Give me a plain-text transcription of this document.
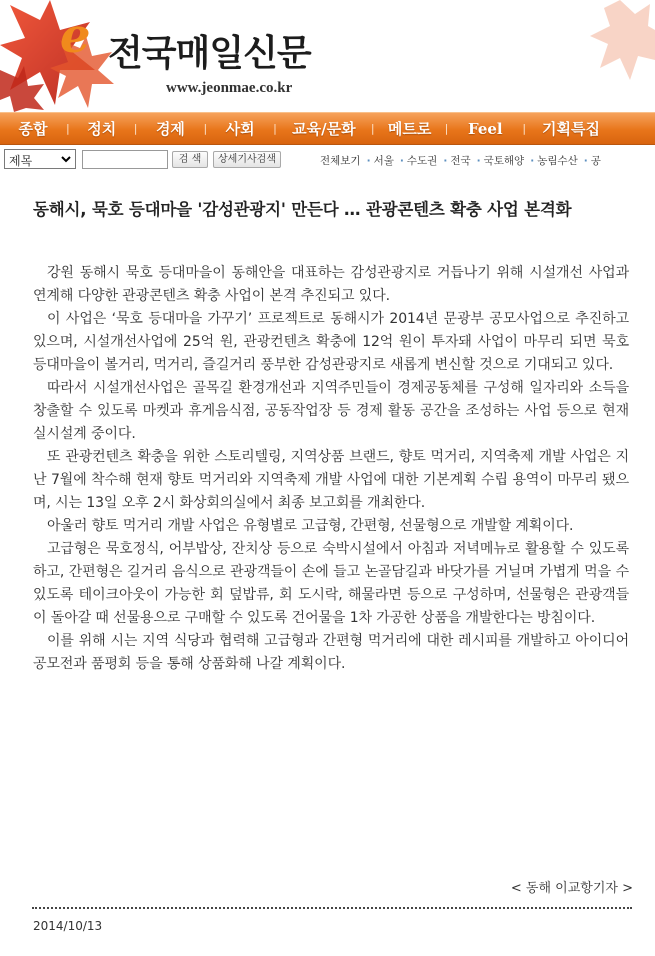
e 전국매일신문
www.jeonmae.co.kr
종합	|	정치	|	경제	|	사회	|	교육/문화	| 메트로	|	Feel	|	기획특집
제목	검 색	상세기사검색	전체보기 · 서울 · 수도권 · 전국 · 국토해양 · 농림수산 · 공
동해시, 묵호 등대마을 '감성관광지' 만든다 … 관광콘텐츠 확충 사업 본격화

강원 동해시 묵호 등대마을이 동해안을 대표하는 감성관광지로 거듭나기 위해 시설개선 사업과 연계해 다양한 관광콘텐츠 확충 사업이 본격 추진되고 있다.

이 사업은 ‘묵호 등대마을 가꾸기’ 프로젝트로 동해시가 2014년 문광부 공모사업으로 추진하고 있으며, 시설개선사업에 25억 원, 관광컨텐츠 확충에 12억 원이 투자돼 사업이 마무리 되면 묵호 등대마을이 볼거리, 먹거리, 즐길거리 풍부한 감성관광지로 새롭게 변신할 것으로 기대되고 있다.

따라서 시설개선사업은 골목길 환경개선과 지역주민들이 경제공동체를 구성해 일자리와 소득을 창출할 수 있도록 마켓과 휴게음식점, 공동작업장 등 경제 활동 공간을 조성하는 사업 등으로 현재 실시설계 중이다.

또 관광컨텐츠 확충을 위한 스토리텔링, 지역상품 브랜드, 향토 먹거리, 지역축제 개발 사업은 지난 7월에 착수해 현재 향토 먹거리와 지역축제 개발 사업에 대한 기본계획 수립 용역이 마무리 됐으며, 시는 13일 오후 2시 화상회의실에서 최종 보고회를 개최한다.

아울러 향토 먹거리 개발 사업은 유형별로 고급형, 간편형, 선물형으로 개발할 계획이다.

고급형은 묵호정식, 어부밥상, 잔치상 등으로 숙박시설에서 아침과 저녁메뉴로 활용할 수 있도록 하고, 간편형은 길거리 음식으로 관광객들이 손에 들고 논골담길과 바닷가를 거닐며 가볍게 먹을 수 있도록 테이크아웃이 가능한 회 덮밥류, 회 도시락, 해물라면 등으로 구성하며, 선물형은 관광객들이 돌아갈 때 선물용으로 구매할 수 있도록 건어물을 1차 가공한 상품을 개발한다는 방침이다.

이를 위해 시는 지역 식당과 협력해 고급형과 간편형 먹거리에 대한 레시피를 개발하고 아이디어 공모전과 품평회 등을 통해 상품화해 나갈 계획이다.

< 동해 이교항기자 >
2014/10/13
